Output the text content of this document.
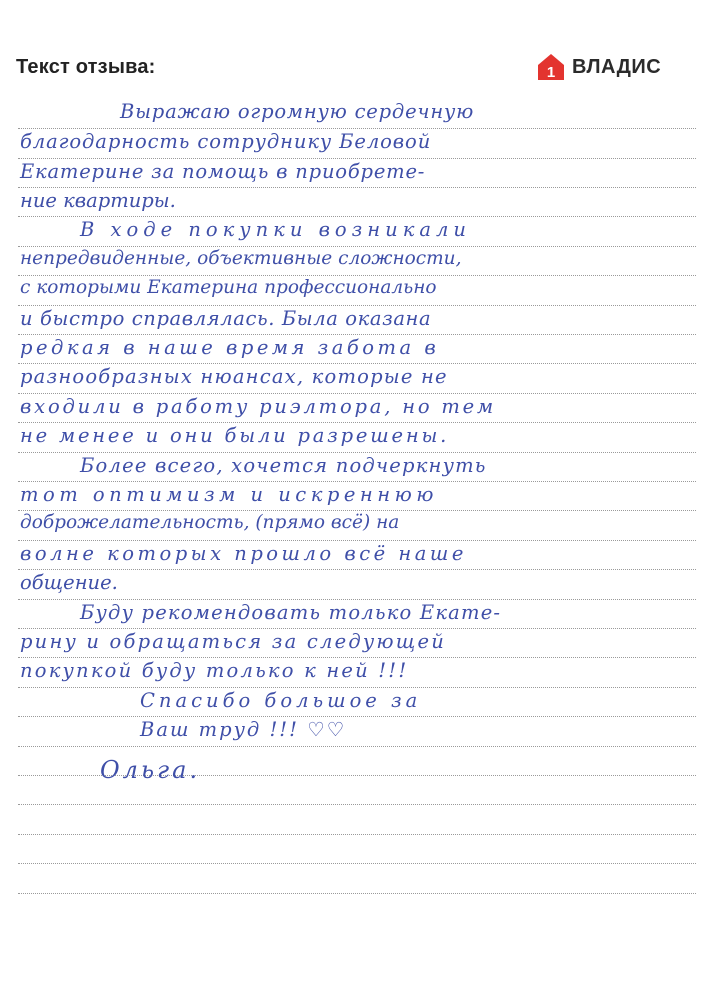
Текст отзыва:	1 ВЛАДИС
Выражаю огромную сердечную
благодарность сотруднику Беловой
Екатерине за помощь в приобрете-
ние квартиры.
В ходе покупки возникали
непредвиденные, объективные сложности,
с которыми Екатерина профессионально
и быстро справлялась. Была оказана
редкая в наше время забота в
разнообразных нюансах, которые не
входили в работу риэлтора, но тем
не менее и они были разрешены.
Более всего, хочется подчеркнуть
тот оптимизм и искреннюю
доброжелательность, (прямо всё) на
волне которых прошло всё наше
общение.
Буду рекомендовать только Екате-
рину и обращаться за следующей
покупкой буду только к ней !!!
Спасибо большое за
Ваш труд !!! ♡♡
Ольга.
